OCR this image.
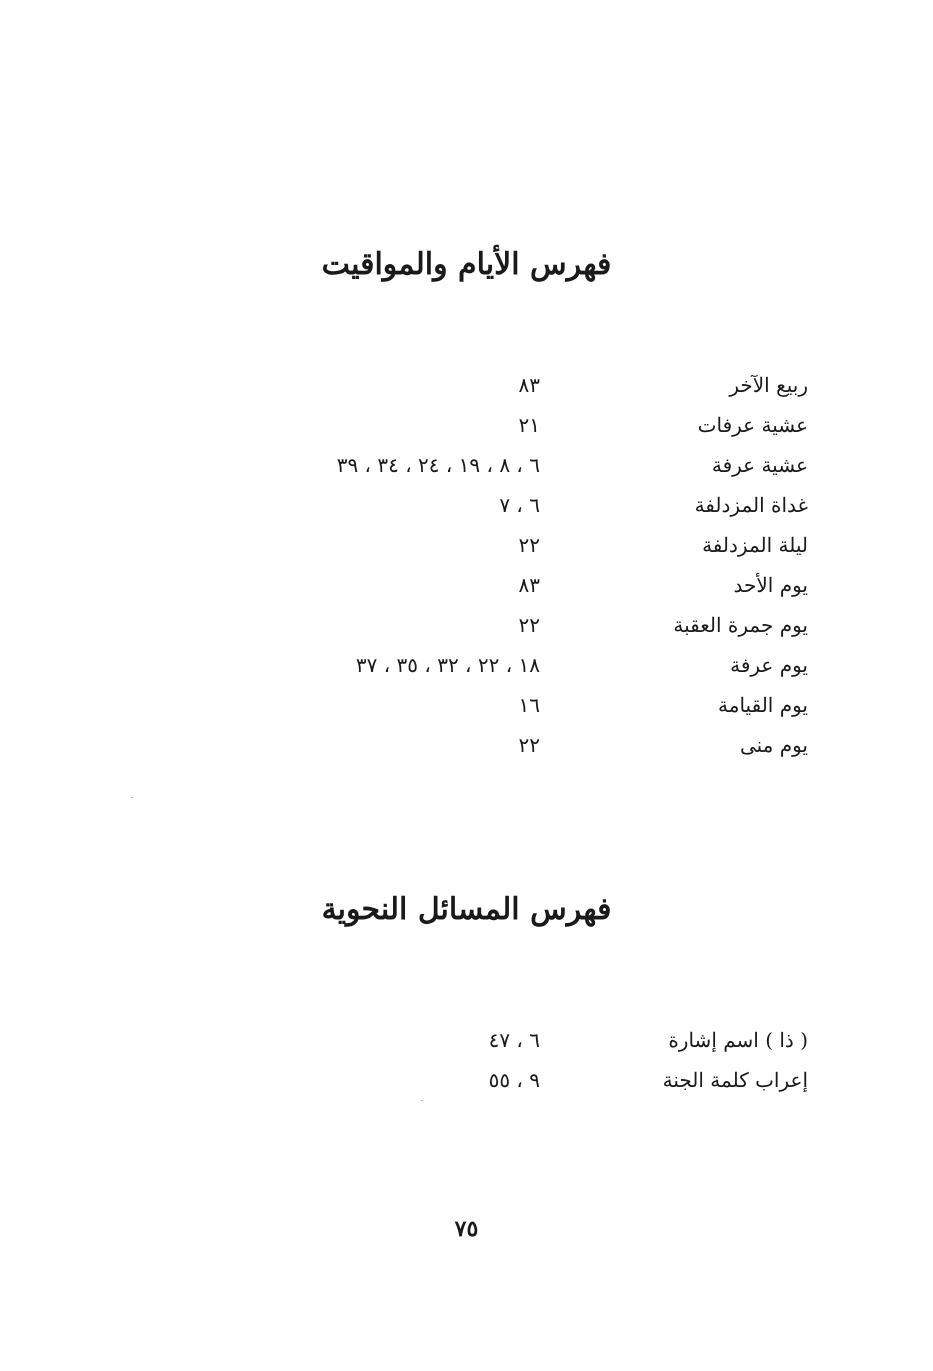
فهرس الأيام والمواقيت
ربيع الآخر
٨٣
عشية عرفات
٢١
عشية عرفة
٦ ، ٨ ، ١٩ ، ٢٤ ، ٣٤ ، ٣٩
غداة المزدلفة
٦ ، ٧
ليلة المزدلفة
٢٢
يوم الأحد
٨٣
يوم جمرة العقبة
٢٢
يوم عرفة
١٨ ، ٢٢ ، ٣٢ ، ٣٥ ، ٣٧
يوم القيامة
١٦
يوم منى
٢٢
فهرس المسائل النحوية
( ذا ) اسم إشارة
٦ ، ٤٧
إعراب كلمة الجنة
٩ ، ٥٥

٧٥
